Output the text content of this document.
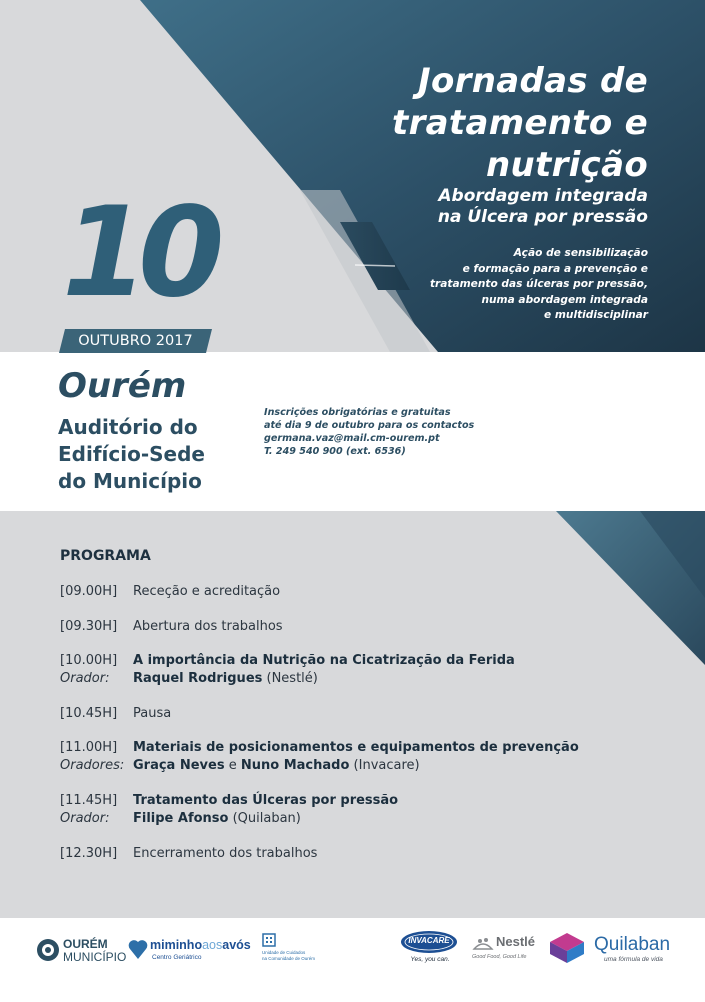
Jornadas de
tratamento e
nutrição
Abordagem integrada
na Úlcera por pressão
Ação de sensibilização
e formação para a prevenção e
tratamento das úlceras por pressão,
numa abordagem integrada
e multidisciplinar
10
OUTUBRO 2017
Ourém
Auditório do
Edifício-Sede
do Município
Inscrições obrigatórias e gratuitas
até dia 9 de outubro para os contactos
germana.vaz@mail.cm-ourem.pt
T. 249 540 900 (ext. 6536)
PROGRAMA
[09.00H] Receção e acreditação
[09.30H] Abertura dos trabalhos
[10.00H] A importância da Nutrição na Cicatrização da Ferida
Orador: Raquel Rodrigues (Nestlé)
[10.45H] Pausa
[11.00H] Materiais de posicionamentos e equipamentos de prevenção
Oradores: Graça Neves e Nuno Machado (Invacare)
[11.45H] Tratamento das Úlceras por pressão
Orador: Filipe Afonso (Quilaban)
[12.30H] Encerramento dos trabalhos
OURÉM
MUNICÍPIO
miminhoaosavós
Centro Geriátrico
Unidade de Cuidados
na Comunidade de Ourém
INVACARE
Yes, you can.
Nestlé
Good Food, Good Life
Quilaban
uma fórmula de vida
